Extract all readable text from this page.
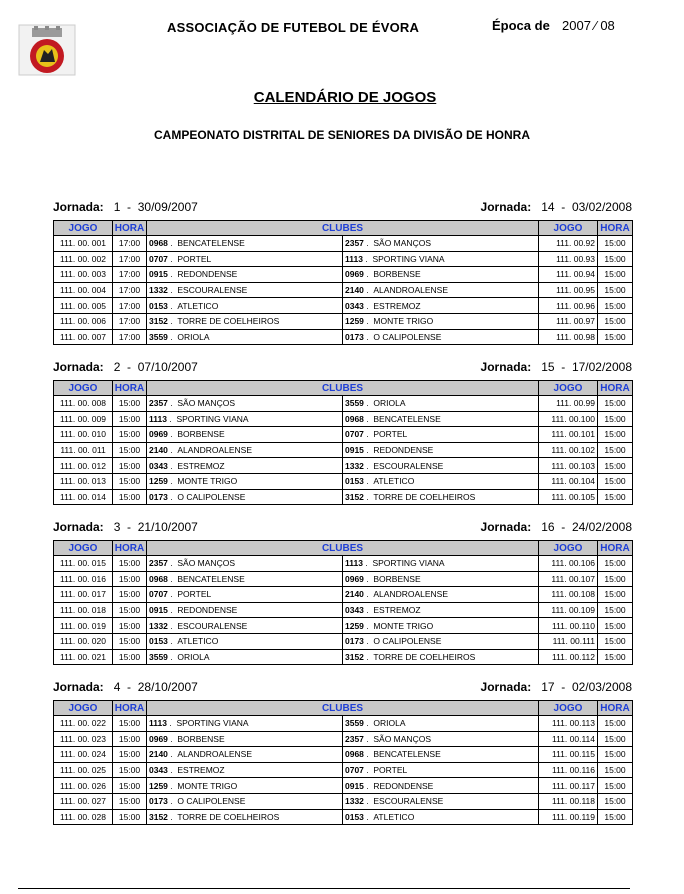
ASSOCIAÇÃO DE FUTEBOL DE ÉVORA	Época de 2007 ⁄ 08
CALENDÁRIO DE JOGOS
CAMPEONATO DISTRITAL DE SENIORES DA DIVISÃO DE HONRA
Jornada: 1  -  30/09/2007	Jornada: 14  -  03/02/2008
JOGO	HORA	CLUBES		JOGO	HORA
111. 00. 001	17:00	0968 .  BENCATELENSE	2357 .  SÃO MANÇOS	111. 00.92	15:00
111. 00. 002	17:00	0707 .  PORTEL	1113 .  SPORTING VIANA	111. 00.93	15:00
111. 00. 003	17:00	0915 .  REDONDENSE	0969 .  BORBENSE	111. 00.94	15:00
111. 00. 004	17:00	1332 .  ESCOURALENSE	2140 .  ALANDROALENSE	111. 00.95	15:00
111. 00. 005	17:00	0153 .  ATLETICO	0343 .  ESTREMOZ	111. 00.96	15:00
111. 00. 006	17:00	3152 .  TORRE DE COELHEIROS	1259 .  MONTE TRIGO	111. 00.97	15:00
111. 00. 007	17:00	3559 .  ORIOLA	0173 .  O CALIPOLENSE	111. 00.98	15:00
Jornada: 2  -  07/10/2007	Jornada: 15  -  17/02/2008
JOGO	HORA	CLUBES		JOGO	HORA
111. 00. 008	15:00	2357 .  SÃO MANÇOS	3559 .  ORIOLA	111. 00.99	15:00
111. 00. 009	15:00	1113 .  SPORTING VIANA	0968 .  BENCATELENSE	111. 00.100	15:00
111. 00. 010	15:00	0969 .  BORBENSE	0707 .  PORTEL	111. 00.101	15:00
111. 00. 011	15:00	2140 .  ALANDROALENSE	0915 .  REDONDENSE	111. 00.102	15:00
111. 00. 012	15:00	0343 .  ESTREMOZ	1332 .  ESCOURALENSE	111. 00.103	15:00
111. 00. 013	15:00	1259 .  MONTE TRIGO	0153 .  ATLETICO	111. 00.104	15:00
111. 00. 014	15:00	0173 .  O CALIPOLENSE	3152 .  TORRE DE COELHEIROS	111. 00.105	15:00
Jornada: 3  -  21/10/2007	Jornada: 16  -  24/02/2008
JOGO	HORA	CLUBES		JOGO	HORA
111. 00. 015	15:00	2357 .  SÃO MANÇOS	1113 .  SPORTING VIANA	111. 00.106	15:00
111. 00. 016	15:00	0968 .  BENCATELENSE	0969 .  BORBENSE	111. 00.107	15:00
111. 00. 017	15:00	0707 .  PORTEL	2140 .  ALANDROALENSE	111. 00.108	15:00
111. 00. 018	15:00	0915 .  REDONDENSE	0343 .  ESTREMOZ	111. 00.109	15:00
111. 00. 019	15:00	1332 .  ESCOURALENSE	1259 .  MONTE TRIGO	111. 00.110	15:00
111. 00. 020	15:00	0153 .  ATLETICO	0173 .  O CALIPOLENSE	111. 00.111	15:00
111. 00. 021	15:00	3559 .  ORIOLA	3152 .  TORRE DE COELHEIROS	111. 00.112	15:00
Jornada: 4  -  28/10/2007	Jornada: 17  -  02/03/2008
JOGO	HORA	CLUBES		JOGO	HORA
111. 00. 022	15:00	1113 .  SPORTING VIANA	3559 .  ORIOLA	111. 00.113	15:00
111. 00. 023	15:00	0969 .  BORBENSE	2357 .  SÃO MANÇOS	111. 00.114	15:00
111. 00. 024	15:00	2140 .  ALANDROALENSE	0968 .  BENCATELENSE	111. 00.115	15:00
111. 00. 025	15:00	0343 .  ESTREMOZ	0707 .  PORTEL	111. 00.116	15:00
111. 00. 026	15:00	1259 .  MONTE TRIGO	0915 .  REDONDENSE	111. 00.117	15:00
111. 00. 027	15:00	0173 .  O CALIPOLENSE	1332 .  ESCOURALENSE	111. 00.118	15:00
111. 00. 028	15:00	3152 .  TORRE DE COELHEIROS	0153 .  ATLETICO	111. 00.119	15:00
